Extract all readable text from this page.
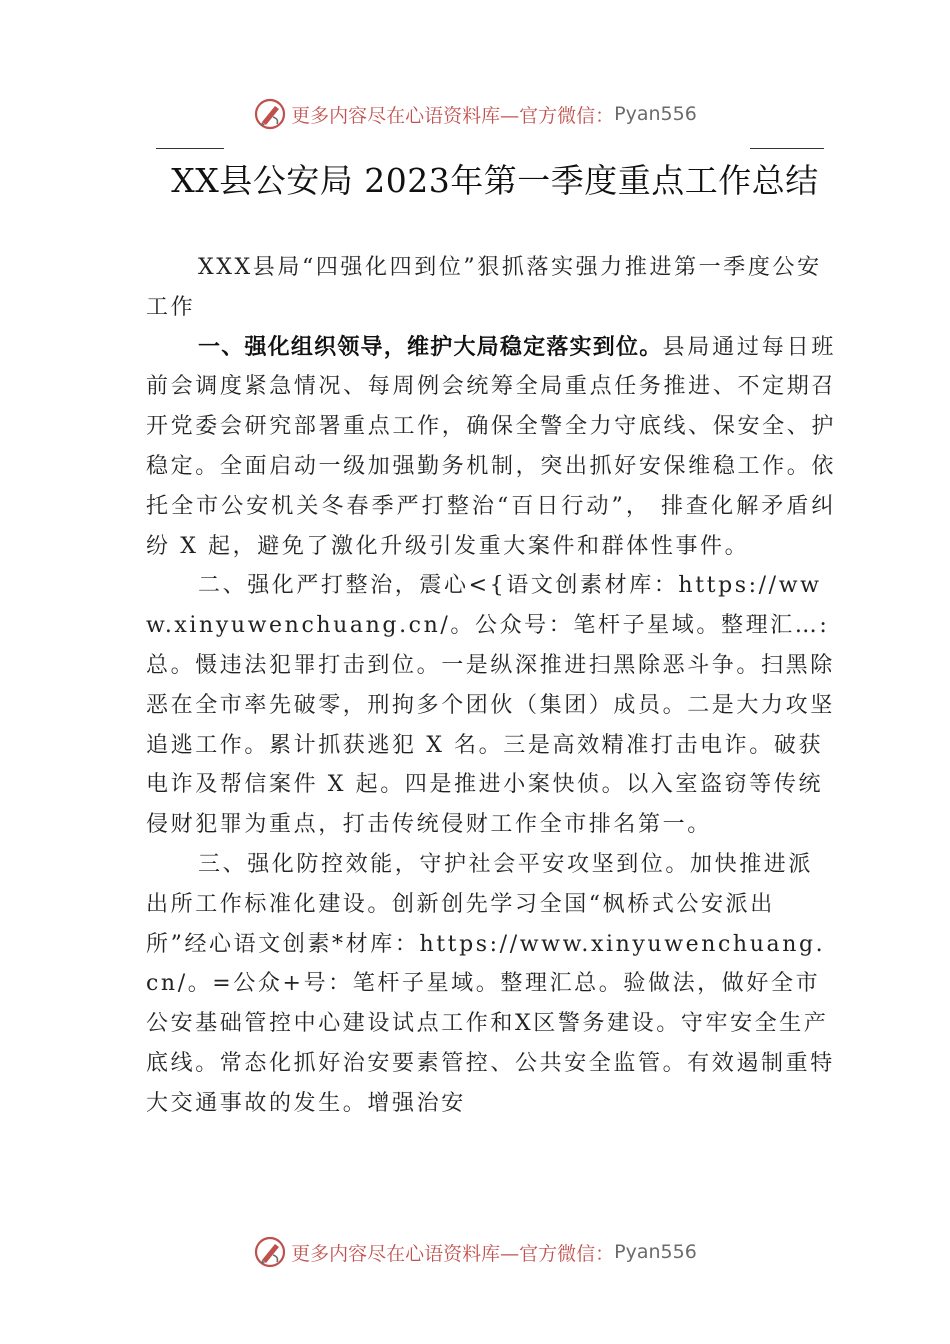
更多内容尽在心语资料库—官方微信： Pyan556
XX县公安局 2023年第一季度重点工作总结

XXX县局“四强化四到位”狠抓落实强力推进第一季度公安工作

一、强化组织领导，维护大局稳定落实到位。县局通过每日班前会调度紧急情况、每周例会统筹全局重点任务推进、不定期召开党委会研究部署重点工作，确保全警全力守底线、保安全、护稳定。全面启动一级加强勤务机制，突出抓好安保维稳工作。依托全市公安机关冬春季严打整治“百日行动”， 排查化解矛盾纠纷 X 起，避免了激化升级引发重大案件和群体性事件。

二、强化严打整治，震心<{语文创素材库：https://www.xinyuwenchuang.cn/。公众号：笔杆子星域。整理汇…:总。慑违法犯罪打击到位。一是纵深推进扫黑除恶斗争。扫黑除恶在全市率先破零，刑拘多个团伙（集团）成员。二是大力攻坚追逃工作。累计抓获逃犯 X 名。三是高效精准打击电诈。破获电诈及帮信案件 X 起。四是推进小案快侦。以入室盗窃等传统侵财犯罪为重点，打击传统侵财工作全市排名第一。

三、强化防控效能，守护社会平安攻坚到位。加快推进派出所工作标准化建设。创新创先学习全国“枫桥式公安派出所”经心语文创素*材库：https://www.xinyuwenchuang.cn/。=公众+号：笔杆子星域。整理汇总。验做法，做好全市公安基础管控中心建设试点工作和X区警务建设。守牢安全生产底线。常态化抓好治安要素管控、公共安全监管。有效遏制重特大交通事故的发生。增强治安

更多内容尽在心语资料库—官方微信： Pyan556
